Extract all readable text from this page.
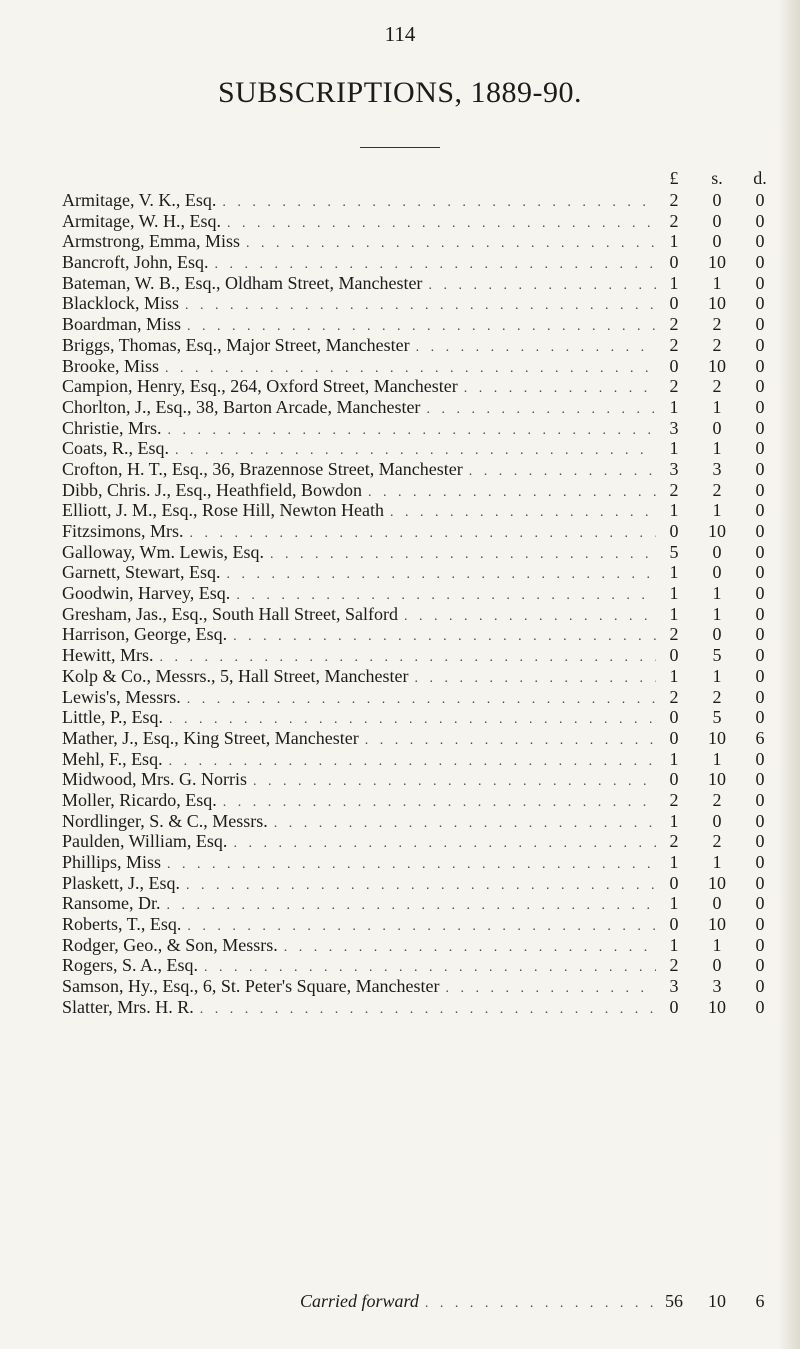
114
SUBSCRIPTIONS, 1889-90.
£	s.	d.
Armitage, V. K., Esq. . . .	2	0	0
Armitage, W. H., Esq. . . .	2	0	0
Armstrong, Emma, Miss . . .	1	0	0
Bancroft, John, Esq. . . .	0	10	0
Bateman, W. B., Esq., Oldham Street, Manchester . . .	1	1	0
Blacklock, Miss . . .	0	10	0
Boardman, Miss . . .	2	2	0
Briggs, Thomas, Esq., Major Street, Manchester . . .	2	2	0
Brooke, Miss . . .	0	10	0
Campion, Henry, Esq., 264, Oxford Street, Manchester . . .	2	2	0
Chorlton, J., Esq., 38, Barton Arcade, Manchester . . .	1	1	0
Christie, Mrs. . . .	3	0	0
Coats, R., Esq. . . .	1	1	0
Crofton, H. T., Esq., 36, Brazennose Street, Manchester . . .	3	3	0
Dibb, Chris. J., Esq., Heathfield, Bowdon . . .	2	2	0
Elliott, J. M., Esq., Rose Hill, Newton Heath . . .	1	1	0
Fitzsimons, Mrs. . . .	0	10	0
Galloway, Wm. Lewis, Esq. . . .	5	0	0
Garnett, Stewart, Esq. . . .	1	0	0
Goodwin, Harvey, Esq. . . .	1	1	0
Gresham, Jas., Esq., South Hall Street, Salford . . .	1	1	0
Harrison, George, Esq. . . .	2	0	0
Hewitt, Mrs. . . .	0	5	0
Kolp & Co., Messrs., 5, Hall Street, Manchester . . .	1	1	0
Lewis's, Messrs. . . .	2	2	0
Little, P., Esq. . . .	0	5	0
Mather, J., Esq., King Street, Manchester . . .	0	10	6
Mehl, F., Esq. . . .	1	1	0
Midwood, Mrs. G. Norris . . .	0	10	0
Moller, Ricardo, Esq. . . .	2	2	0
Nordlinger, S. & C., Messrs. . . .	1	0	0
Paulden, William, Esq. . . .	2	2	0
Phillips, Miss . . .	1	1	0
Plaskett, J., Esq. . . .	0	10	0
Ransome, Dr. . . .	1	0	0
Roberts, T., Esq. . . .	0	10	0
Rodger, Geo., & Son, Messrs. . . .	1	1	0
Rogers, S. A., Esq. . . .	2	0	0
Samson, Hy., Esq., 6, St. Peter's Square, Manchester . . .	3	3	0
Slatter, Mrs. H. R. . . .	0	10	0
Carried forward . . .	56	10	6
